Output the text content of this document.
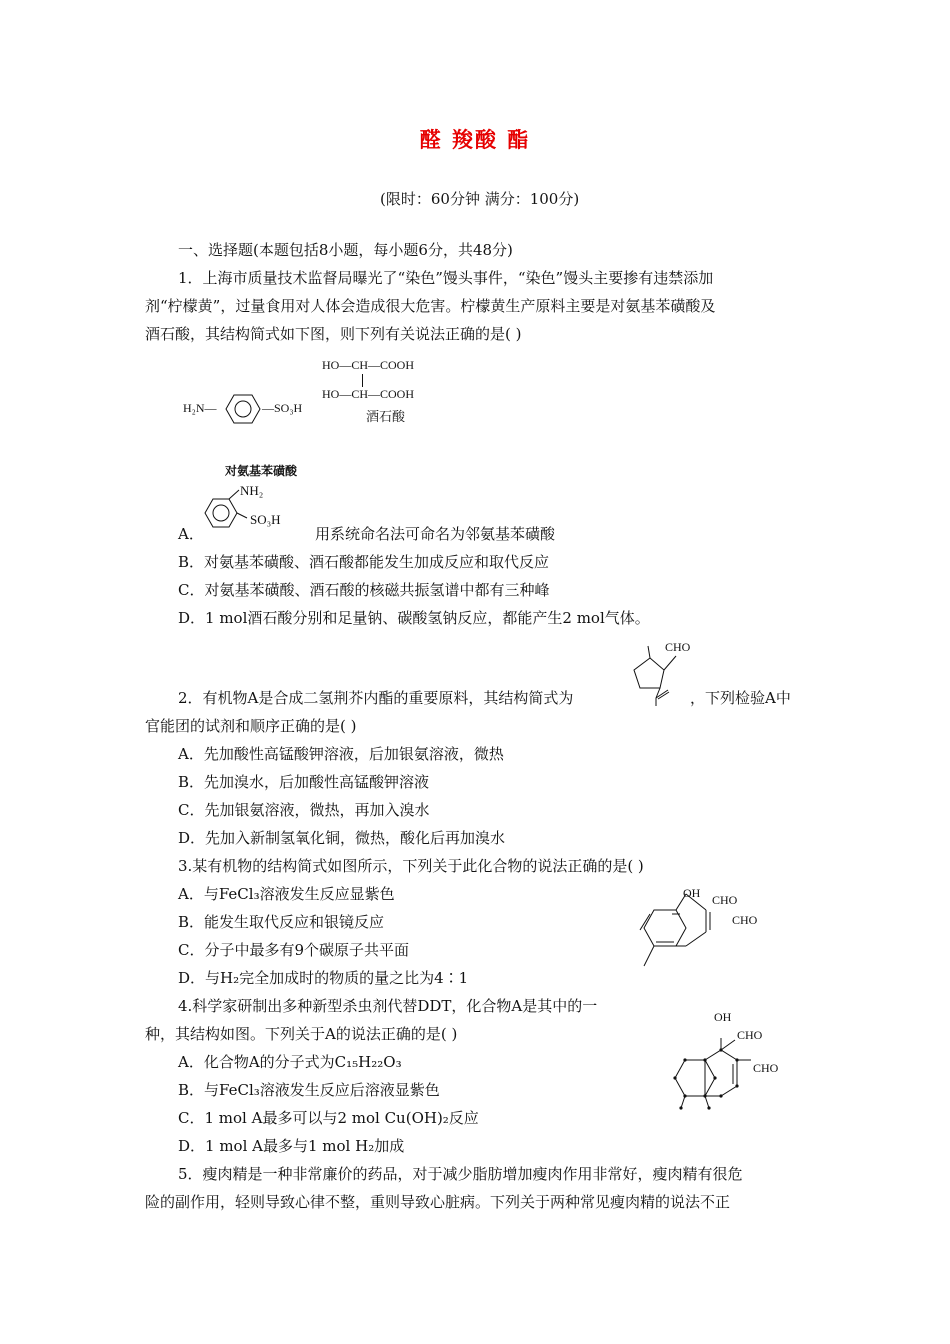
醛 羧酸 酯
(限时：60分钟 满分：100分)
一、选择题(本题包括8小题，每小题6分，共48分)
1．上海市质量技术监督局曝光了“染色”馒头事件，“染色”馒头主要掺有违禁添加
剂“柠檬黄”，过量食用对人体会造成很大危害。柠檬黄生产原料主要是对氨基苯磺酸及
酒石酸，其结构简式如下图，则下列有关说法正确的是( )
HO—CH—COOH
HO—CH—COOH
酒石酸
H₂N—	—SO₃H
对氨基苯磺酸
NH₂
SO₃H
A．	用系统命名法可命名为邻氨基苯磺酸
B．对氨基苯磺酸、酒石酸都能发生加成反应和取代反应
C．对氨基苯磺酸、酒石酸的核磁共振氢谱中都有三种峰
D．1 mol酒石酸分别和足量钠、碳酸氢钠反应，都能产生2 mol气体。
CHO
2．有机物A是合成二氢荆芥内酯的重要原料，其结构简式为	，下列检验A中
官能团的试剂和顺序正确的是( )
A．先加酸性高锰酸钾溶液，后加银氨溶液，微热
B．先加溴水，后加酸性高锰酸钾溶液
C．先加银氨溶液，微热，再加入溴水
D．先加入新制氢氧化铜，微热，酸化后再加溴水
3.某有机物的结构简式如图所示，下列关于此化合物的说法正确的是( )
A．与FeCl₃溶液发生反应显紫色
B．能发生取代反应和银镜反应
C．分子中最多有9个碳原子共平面
D．与H₂完全加成时的物质的量之比为4∶1
OH CHO
CHO
4.科学家研制出多种新型杀虫剂代替DDT，化合物A是其中的一
种，其结构如图。下列关于A的说法正确的是( )
A．化合物A的分子式为C₁₅H₂₂O₃
B．与FeCl₃溶液发生反应后溶液显紫色
C．1 mol A最多可以与2 mol Cu(OH)₂反应
D．1 mol A最多与1 mol H₂加成
OH
CHO
CHO
5．瘦肉精是一种非常廉价的药品，对于减少脂肪增加瘦肉作用非常好，瘦肉精有很危
险的副作用，轻则导致心律不整，重则导致心脏病。下列关于两种常见瘦肉精的说法不正
